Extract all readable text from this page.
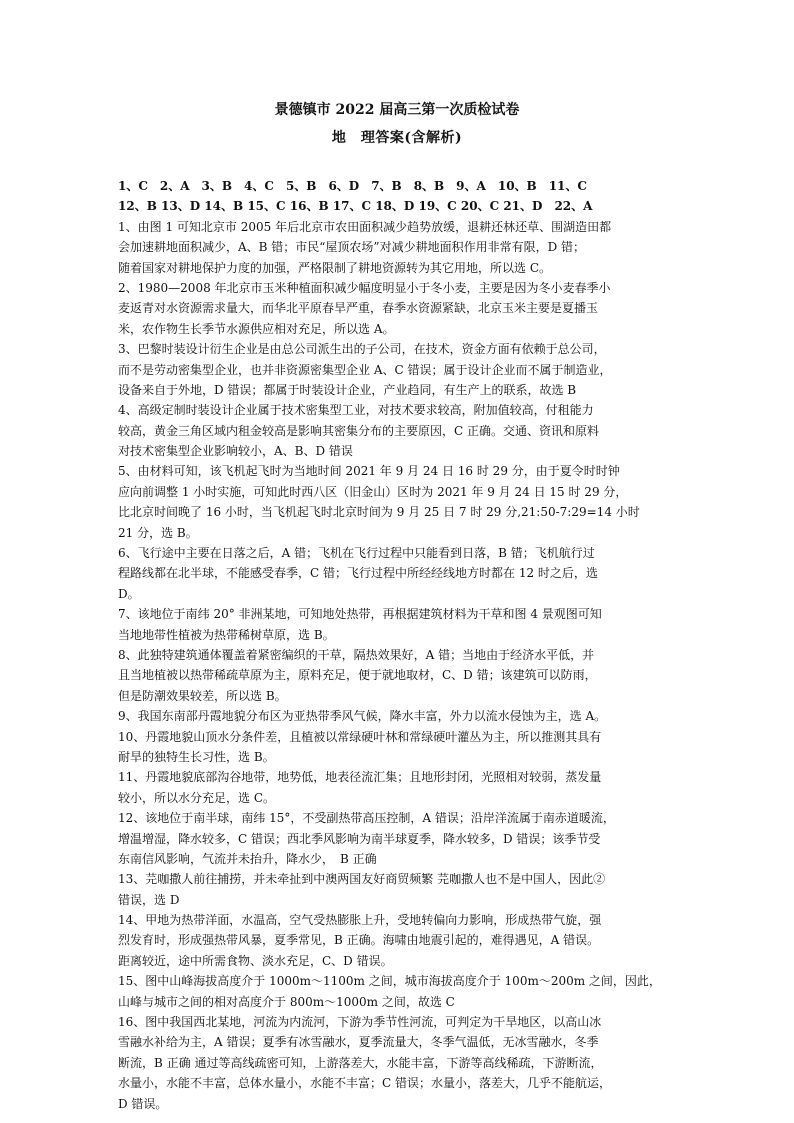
景德镇市 2022 届高三第一次质检试卷
地　理答案(含解析)
1、C　2、A　3、B　4、C　5、B　6、D　7、B　8、B　9、A　10、B　11、C
12、B 13、D 14、B 15、C 16、B 17、C 18、D 19、C 20、C 21、D　22、A
1、由图 1 可知北京市 2005 年后北京市农田面积减少趋势放缓，退耕还林还草、围湖造田都
会加速耕地面积减少，A、B 错；市民“屋顶农场”对减少耕地面积作用非常有限，D 错；
随着国家对耕地保护力度的加强，严格限制了耕地资源转为其它用地，所以选 C。
2、1980—2008 年北京市玉米种植面积减少幅度明显小于冬小麦，主要是因为冬小麦春季小
麦返青对水资源需求量大，而华北平原春旱严重，春季水资源紧缺，北京玉米主要是夏播玉
米，农作物生长季节水源供应相对充足，所以选 A。
3、巴黎时装设计衍生企业是由总公司派生出的子公司，在技术，资金方面有依赖于总公司，
而不是劳动密集型企业，也并非资源密集型企业 A、C 错误；属于设计企业而不属于制造业，
设备来自于外地，D 错误；都属于时装设计企业，产业趋同，有生产上的联系，故选 B
4、高级定制时装设计企业属于技术密集型工业，对技术要求较高，附加值较高，付租能力
较高，黄金三角区域内租金较高是影响其密集分布的主要原因，C 正确。交通、资讯和原料
对技术密集型企业影响较小，A、B、D 错误
5、由材料可知，该飞机起飞时为当地时间 2021 年 9 月 24 日 16 时 29 分，由于夏令时时钟
应向前调整 1 小时实施，可知此时西八区（旧金山）区时为 2021 年 9 月 24 日 15 时 29 分，
比北京时间晚了 16 小时，当飞机起飞时北京时间为 9 月 25 日 7 时 29 分,21:50-7:29=14 小时
21 分，选 B。
6、飞行途中主要在日落之后，A 错；飞机在飞行过程中只能看到日落，B 错；飞机航行过
程路线都在北半球，不能感受春季，C 错；飞行过程中所经经线地方时都在 12 时之后，选
D。
7、该地位于南纬 20° 非洲某地，可知地处热带，再根据建筑材料为干草和图 4 景观图可知
当地地带性植被为热带稀树草原，选 B。
8、此独特建筑通体覆盖着紧密编织的干草，隔热效果好，A 错；当地由于经济水平低，并
且当地植被以热带稀疏草原为主，原料充足，便于就地取材，C、D 错；该建筑可以防雨，
但是防潮效果较差，所以选 B。
9、我国东南部丹霞地貌分布区为亚热带季风气候，降水丰富，外力以流水侵蚀为主，选 A。
10、丹霞地貌山顶水分条件差，且植被以常绿硬叶林和常绿硬叶灌丛为主，所以推测其具有
耐旱的独特生长习性，选 B。
11、丹霞地貌底部沟谷地带，地势低，地表径流汇集；且地形封闭，光照相对较弱，蒸发量
较小，所以水分充足，选 C。
12、该地位于南半球，南纬 15°，不受副热带高压控制，A 错误；沿岸洋流属于南赤道暖流，
增温增湿，降水较多，C 错误；西北季风影响为南半球夏季，降水较多，D 错误；该季节受
东南信风影响，气流并未抬升，降水少，　B 正确
13、芫咖撒人前往捕捞，并未牵扯到中澳两国友好商贸频繁 芫咖撒人也不是中国人，因此②
错误，选 D
14、甲地为热带洋面，水温高，空气受热膨胀上升，受地转偏向力影响，形成热带气旋，强
烈发育时，形成强热带风暴，夏季常见，B 正确。海啸由地震引起的，难得遇见，A 错误。
距离较近，途中所需食物、淡水充足，C、D 错误。
15、图中山峰海拔高度介于 1000m～1100m 之间，城市海拔高度介于 100m～200m 之间，因此，
山峰与城市之间的相对高度介于 800m～1000m 之间，故选 C
16、图中我国西北某地，河流为内流河，下游为季节性河流，可判定为干旱地区，以高山冰
雪融水补给为主，A 错误；夏季有冰雪融水，夏季流量大，冬季气温低，无冰雪融水，冬季
断流，B 正确 通过等高线疏密可知，上游落差大，水能丰富，下游等高线稀疏，下游断流，
水量小，水能不丰富，总体水量小，水能不丰富；C 错误；水量小，落差大，几乎不能航运，
D 错误。
